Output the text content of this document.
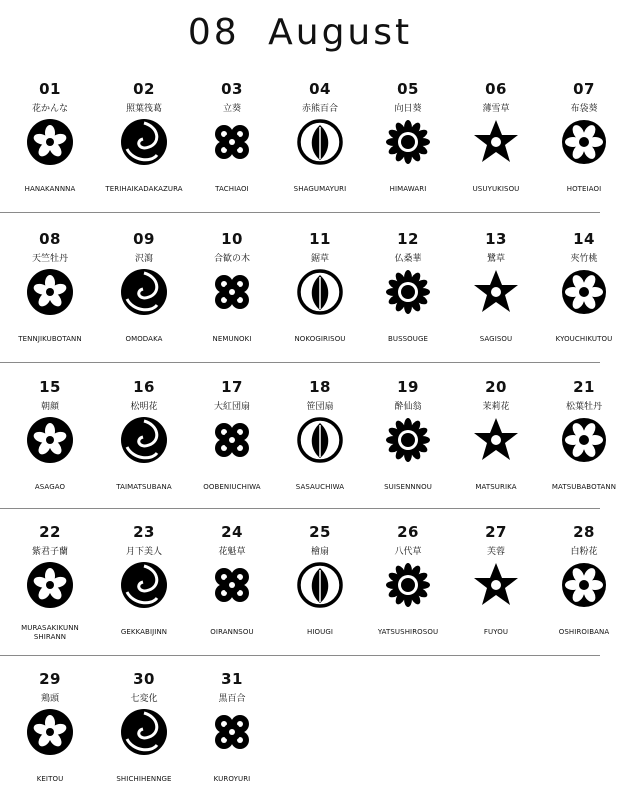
08 August
01
花かんな
HANAKANNNA
02
照葉筏葛
TERIHAIKADAKAZURA
03
立葵
TACHIAOI
04
赤熊百合
SHAGUMAYURI
05
向日葵
HIMAWARI
06
薄雪草
USUYUKISOU
07
布袋葵
HOTEIAOI
08
天竺牡丹
TENNJIKUBOTANN
09
沢瀉
OMODAKA
10
合歓の木
NEMUNOKI
11
鋸草
NOKOGIRISOU
12
仏桑華
BUSSOUGE
13
鷺草
SAGISOU
14
夾竹桃
KYOUCHIKUTOU
15
朝顔
ASAGAO
16
松明花
TAIMATSUBANA
17
大紅団扇
OOBENIUCHIWA
18
笹団扇
SASAUCHIWA
19
酔仙翁
SUISENNNOU
20
茉莉花
MATSURIKA
21
松葉牡丹
MATSUBABOTANN
22
紫君子蘭
MURASAKIKUNN SHIRANN
23
月下美人
GEKKABIJINN
24
花魁草
OIRANNSOU
25
檜扇
HIOUGI
26
八代草
YATSUSHIROSOU
27
芙蓉
FUYOU
28
白粉花
OSHIROIBANA
29
鶏頭
KEITOU
30
七変化
SHICHIHENNGE
31
黒百合
KUROYURI
